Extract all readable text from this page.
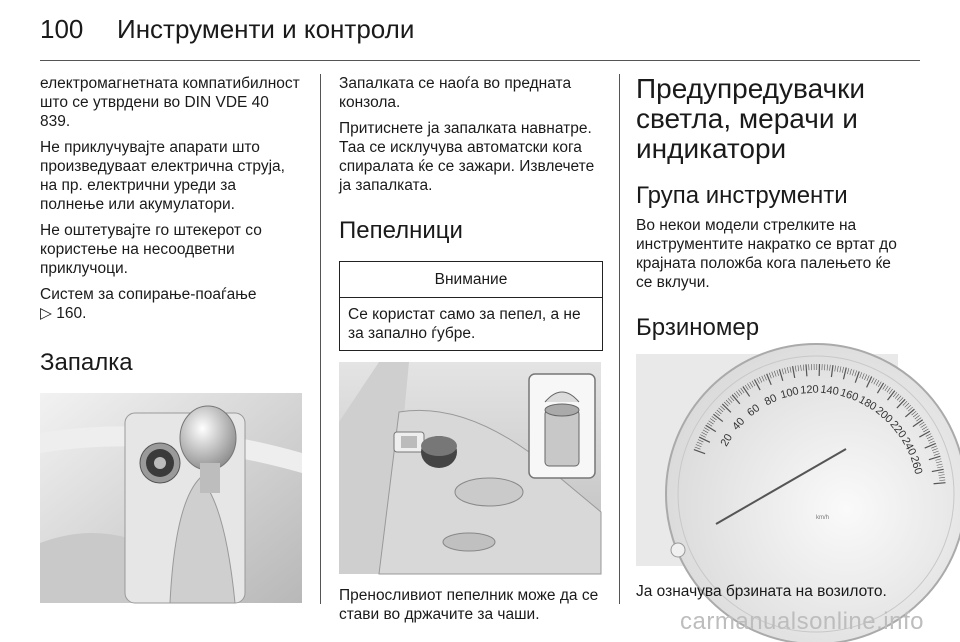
100 Инструменти и контроли

електромагнетната компатибилност што се утврдени во DIN VDE 40 839.

Не приклучувајте апарати што произведуваат електрична струја, на пр. електрични уреди за полнење или акумулатори.

Не оштетувајте го штекерот со користење на несоодветни приклучоци.

Систем за сопирање-поаѓање
▷ 160.

Запалка

Запалката се наоѓа во предната конзола.

Притиснете ја запалката навнатре. Таа се исклучува автоматски кога спиралата ќе се зажари. Извлечете ја запалката.

Пепелници
Внимание
Се користат само за пепел, а не за запално ѓубре.

Преносливиот пепелник може да се стави во држачите за чаши.

Предупредувачки светла, мерачи и индикатори
Група инструменти

Во некои модели стрелките на инструментите накратко се вртат до крајната положба кога палењето ќе се вклучи.

Брзиномер
20
40
60
80 100 120 140 160
180
200
220
240
260
km/h

Ја означува брзината на возилото.

carmanualsonline.info
